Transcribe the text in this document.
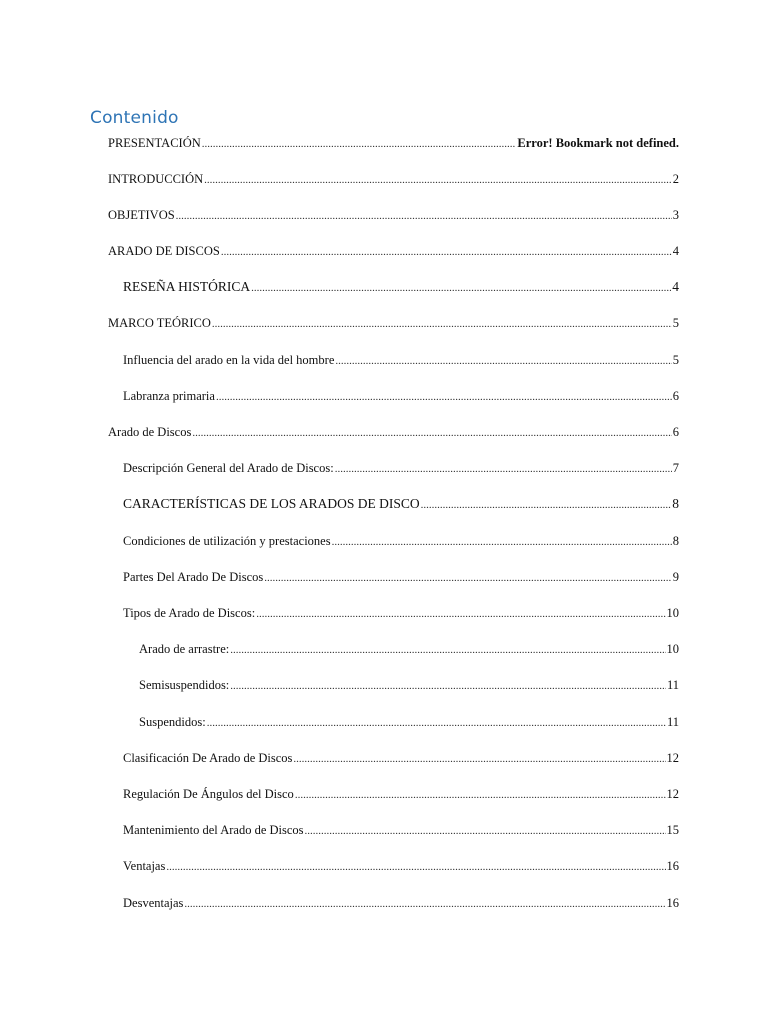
Contenido
PRESENTACIÓN .....	Error! Bookmark not defined.
INTRODUCCIÓN .....	2
OBJETIVOS .....	3
ARADO DE DISCOS .....	4
RESEÑA HISTÓRICA .....	4
MARCO TEÓRICO .....	5
Influencia del arado en la vida del hombre .....	5
Labranza primaria .....	6
Arado de Discos .....	6
Descripción General del Arado de Discos: .....	7
CARACTERÍSTICAS DE LOS ARADOS DE DISCO .....	8
Condiciones de utilización y prestaciones .....	8
Partes Del Arado De Discos .....	9
Tipos de Arado de Discos: .....	10
Arado de arrastre: .....	10
Semisuspendidos: .....	11
Suspendidos: .....	11
Clasificación De Arado de Discos .....	12
Regulación De Ángulos del Disco .....	12
Mantenimiento del Arado de Discos .....	15
Ventajas .....	16
Desventajas .....	16
